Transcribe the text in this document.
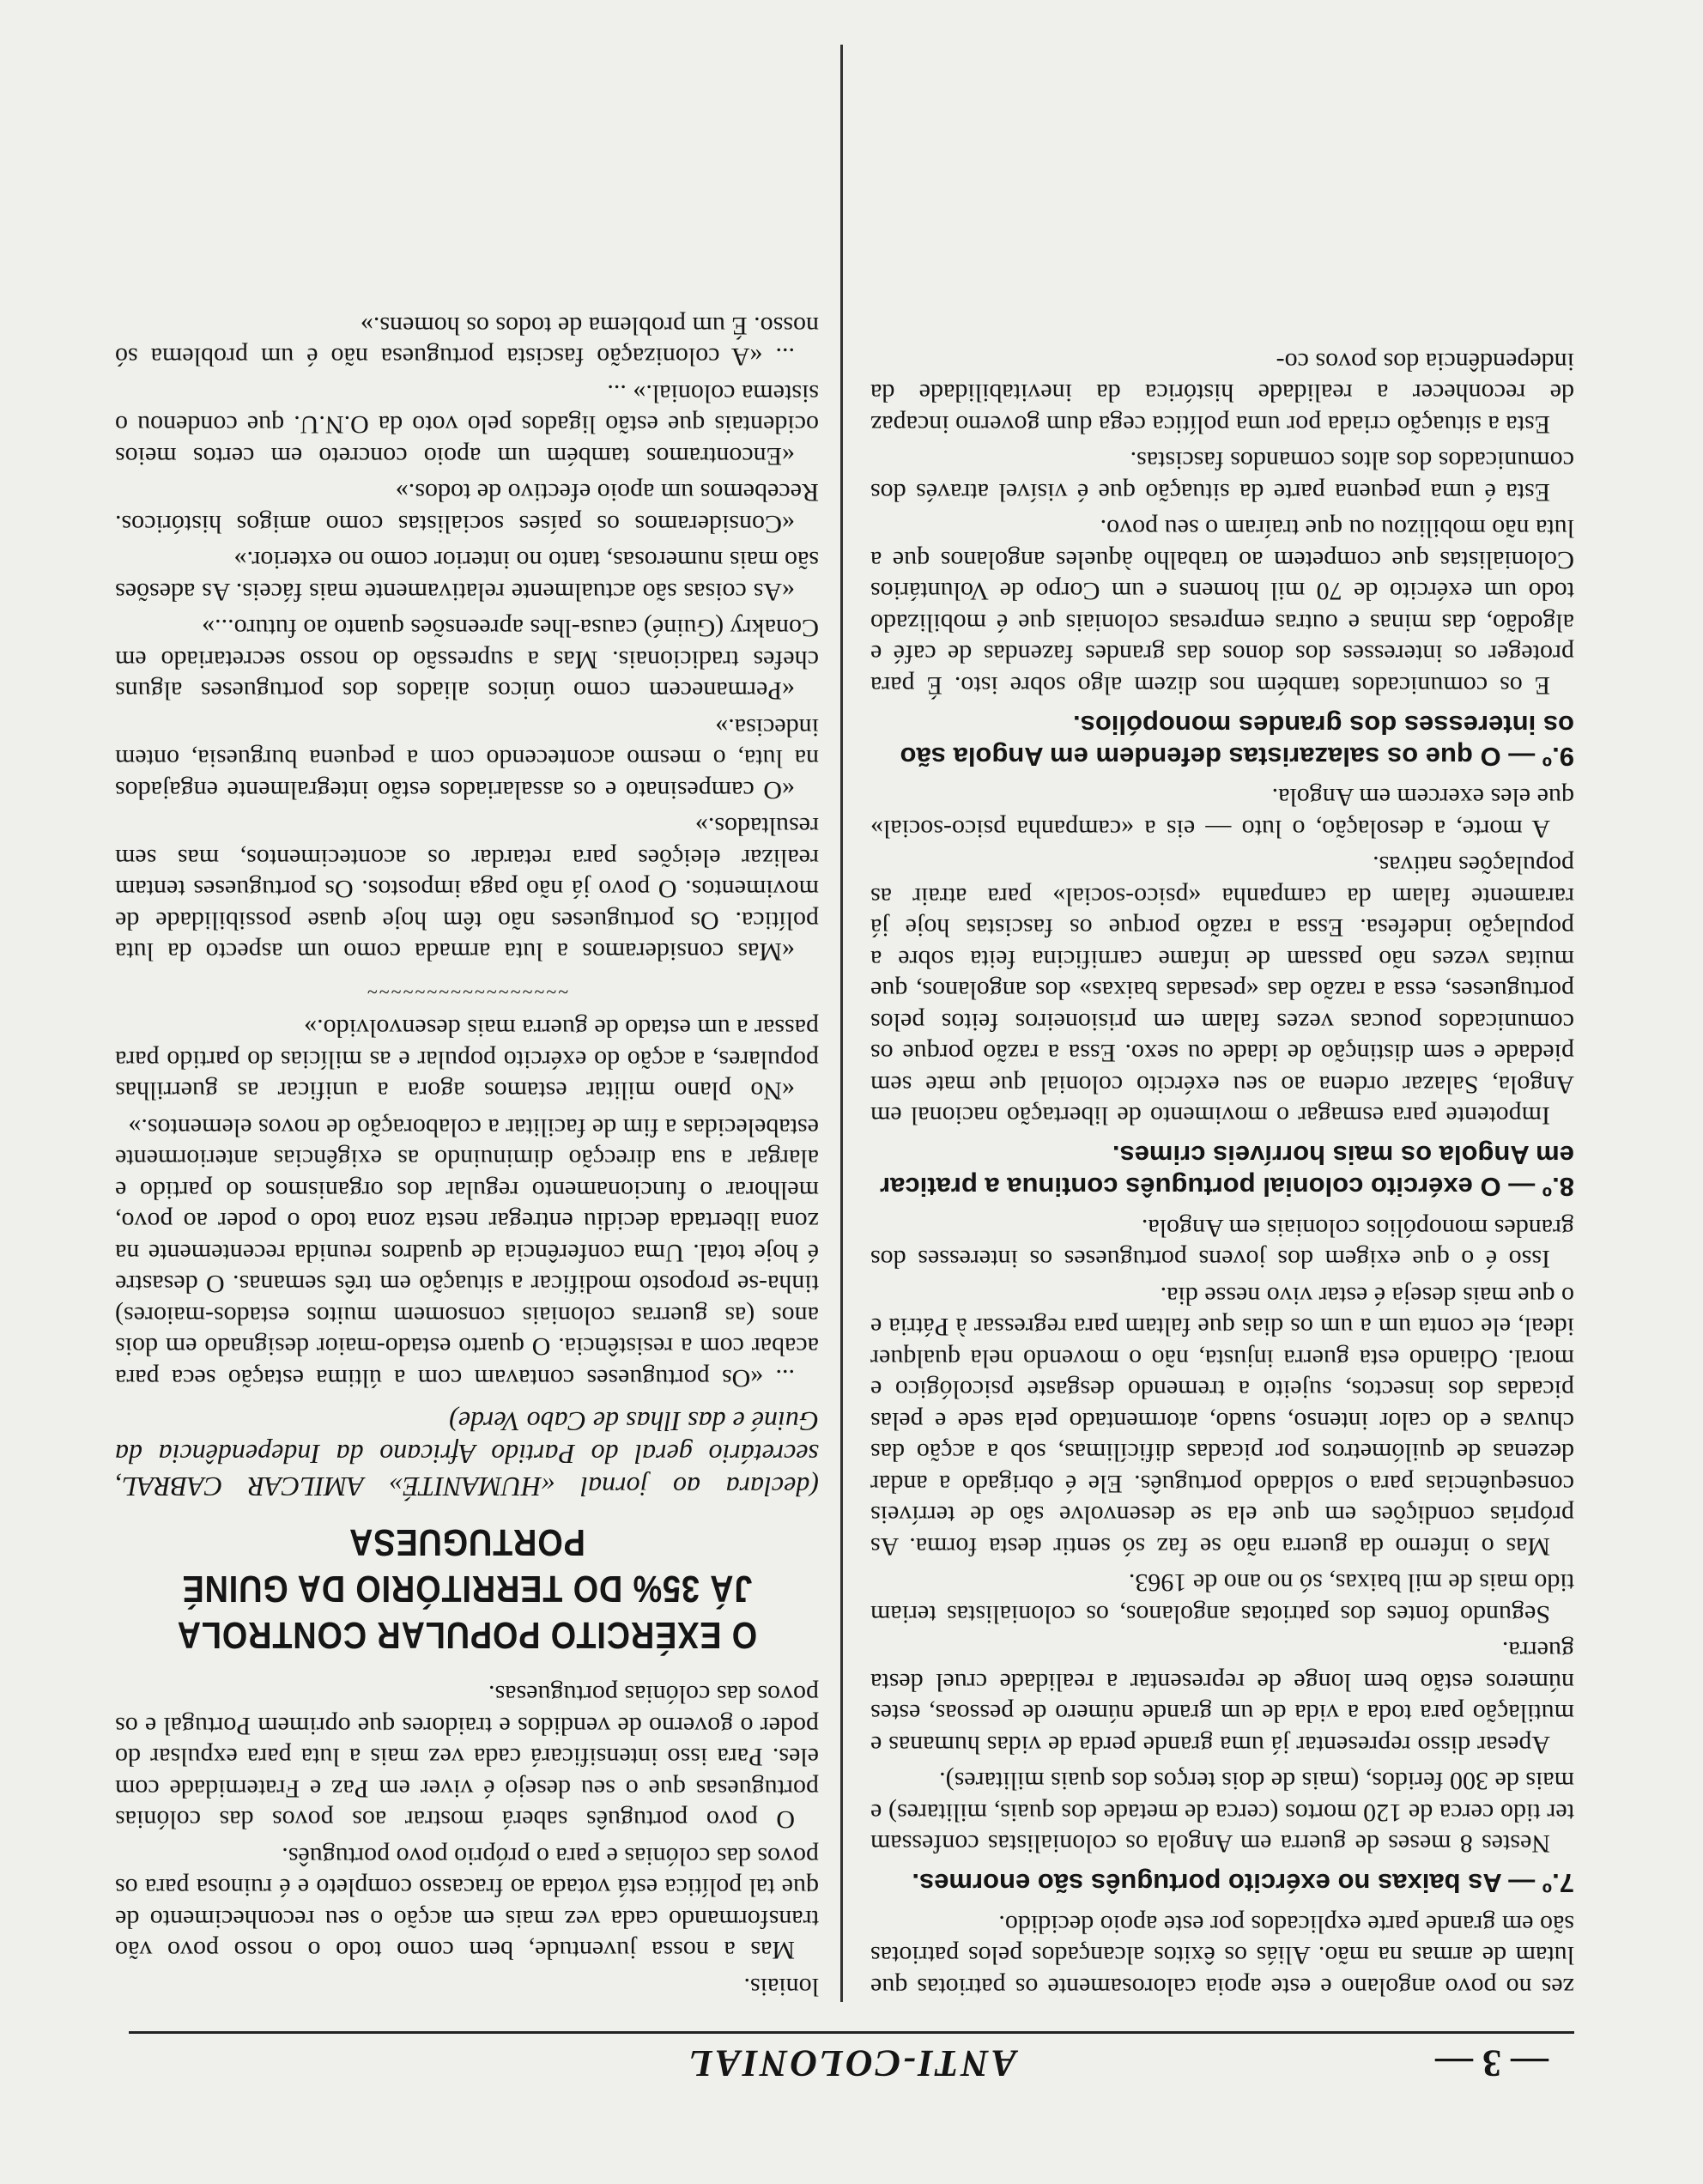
ANTI-COLONIAL	— 3 —

zes no povo angolano e este apoia calorosamente os patriotas que lutam de armas na mão. Aliás os êxitos alcançados pelos patriotas são em grande parte explicados por este apoio decidido.

7.º — As baixas no exército português são enormes.

Nestes 8 meses de guerra em Angola os colonialistas confessam ter tido cerca de 120 mortos (cerca de metade dos quais, militares) e mais de 300 feridos, (mais de dois terços dos quais militares).

Apesar disso representar já uma grande perda de vidas humanas e mutilação para toda a vida de um grande número de pessoas, estes números estão bem longe de representar a realidade cruel desta guerra.

Segundo fontes dos patriotas angolanos, os colonialistas teriam tido mais de mil baixas, só no ano de 1963.

Mas o inferno da guerra não se faz só sentir desta forma. As próprias condições em que ela se desenvolve são de terríveis consequências para o soldado português. Ele é obrigado a andar dezenas de quilómetros por picadas dificílimas, sob a acção das chuvas e do calor intenso, suado, atormentado pela sede e pelas picadas dos insectos, sujeito a tremendo desgaste psicológico e moral. Odiando esta guerra injusta, não o movendo nela qualquer ideal, ele conta um a um os dias que faltam para regressar à Pátria e o que mais deseja é estar vivo nesse dia.

Isso é o que exigem dos jovens portugueses os interesses dos grandes monopólios coloniais em Angola.

8.º — O exército colonial português continua a praticar em Angola os mais horríveis crimes.

Impotente para esmagar o movimento de libertação nacional em Angola, Salazar ordena ao seu exército colonial que mate sem piedade e sem distinção de idade ou sexo. Essa a razão porque os comunicados poucas vezes falam em prisioneiros feitos pelos portugueses, essa a razão das «pesadas baixas» dos angolanos, que muitas vezes não passam de infame carnificina feita sobre a população indefesa. Essa a razão porque os fascistas hoje já raramente falam da campanha «psico-social» para atrair as populações nativas.

A morte, a desolação, o luto — eis a «campanha psico-social» que eles exercem em Angola.

9.º — O que os salazaristas defendem em Angola são os interesses dos grandes monopólios.

E os comunicados também nos dizem algo sobre isto. É para proteger os interesses dos donos das grandes fazendas de café e algodão, das minas e outras empresas coloniais que é mobilizado todo um exército de 70 mil homens e um Corpo de Voluntários Colonialistas que competem ao trabalho àqueles angolanos que a luta não mobilizou ou que traíram o seu povo.

Esta é uma pequena parte da situação que é visível através dos comunicados dos altos comandos fascistas.

Esta a situação criada por uma política cega dum governo incapaz de reconhecer a realidade histórica da inevitabilidade da independência dos povos co-

loniais.

Mas a nossa juventude, bem como todo o nosso povo vão transformando cada vez mais em acção o seu reconhecimento de que tal política está votada ao fracasso completo e é ruinosa para os povos das colónias e para o próprio povo português.

O povo português saberá mostrar aos povos das colónias portuguesas que o seu desejo é viver em Paz e Fraternidade com eles. Para isso intensificará cada vez mais a luta para expulsar do poder o governo de vendidos e traidores que oprimem Portugal e os povos das colónias portuguesas.

O EXÉRCITO POPULAR CONTROLA JÁ 35% DO TERRITÓRIO DA GUINÉ PORTUGUESA
(declara ao jornal «HUMANITÉ» AMILCAR CABRAL, secretário geral do Partido Africano da Independência da Guiné e das Ilhas de Cabo Verde)

... «Os portugueses contavam com a última estação seca para acabar com a resistência. O quarto estado-maior designado em dois anos (as guerras coloniais consomem muitos estados-maiores) tinha-se proposto modificar a situação em três semanas. O desastre é hoje total. Uma conferência de quadros reunida recentemente na zona libertada decidiu entregar nesta zona todo o poder ao povo, melhorar o funcionamento regular dos organismos do partido e alargar a sua direcção diminuindo as exigências anteriormente estabelecidas a fim de facilitar a colaboração de novos elementos.»

«No plano militar estamos agora a unificar as guerrilhas populares, a acção do exército popular e as milícias do partido para passar a um estado de guerra mais desenvolvido.»

~~~~~~~~~~~~~~~~~

«Mas consideramos a luta armada como um aspecto da luta política. Os portugueses não têm hoje quase possibilidade de movimentos. O povo já não paga impostos. Os portugueses tentam realizar eleições para retardar os acontecimentos, mas sem resultados.»

«O campesinato e os assalariados estão integralmente engajados na luta, o mesmo acontecendo com a pequena burguesia, ontem indecisa.»

«Permanecem como únicos aliados dos portugueses alguns chefes tradicionais. Mas a supressão do nosso secretariado em Conakry (Guiné) causa-lhes apreensões quanto ao futuro...»

«As coisas são actualmente relativamente mais fáceis. As adesões são mais numerosas, tanto no interior como no exterior.»

«Consideramos os países socialistas como amigos históricos. Recebemos um apoio efectivo de todos.»

«Encontramos também um apoio concreto em certos meios ocidentais que estão ligados pelo voto da O.N.U. que condenou o sistema colonial.» ...

... «A colonização fascista portuguesa não é um problema só nosso. É um problema de todos os homens.»
